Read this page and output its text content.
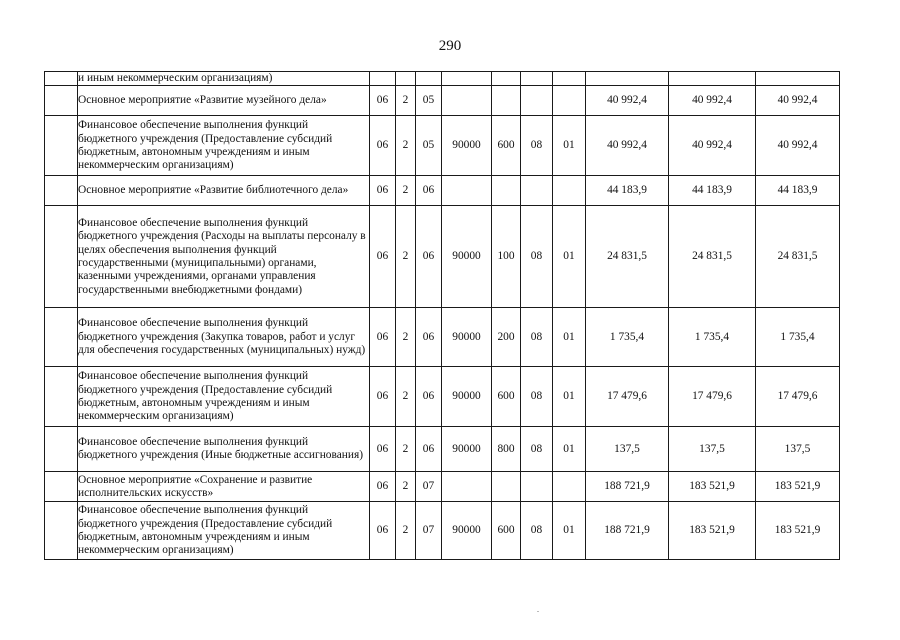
290
	и иным некоммерческим организациям)										
	Основное мероприятие «Развитие музейного дела»	06	2	05					40 992,4	40 992,4	40 992,4
	Финансовое обеспечение выполнения функций бюджетного учреждения (Предоставление субсидий бюджетным, автономным учреждениям и иным некоммерческим организациям)	06	2	05	90000	600	08	01	40 992,4	40 992,4	40 992,4
	Основное мероприятие «Развитие библиотечного дела»	06	2	06					44 183,9	44 183,9	44 183,9
	Финансовое обеспечение выполнения функций бюджетного учреждения (Расходы на выплаты персоналу в целях обеспечения выполнения функций государственными (муниципальными) органами, казенными учреждениями, органами управления государственными внебюджетными фондами)	06	2	06	90000	100	08	01	24 831,5	24 831,5	24 831,5
	Финансовое обеспечение выполнения функций бюджетного учреждения (Закупка товаров, работ и услуг для обеспечения государственных (муниципальных) нужд)	06	2	06	90000	200	08	01	1 735,4	1 735,4	1 735,4
	Финансовое обеспечение выполнения функций бюджетного учреждения (Предоставление субсидий бюджетным, автономным учреждениям и иным некоммерческим организациям)	06	2	06	90000	600	08	01	17 479,6	17 479,6	17 479,6
	Финансовое обеспечение выполнения функций бюджетного учреждения (Иные бюджетные ассигнования)	06	2	06	90000	800	08	01	137,5	137,5	137,5
	Основное мероприятие «Сохранение и развитие исполнительских искусств»	06	2	07					188 721,9	183 521,9	183 521,9
	Финансовое обеспечение выполнения функций бюджетного учреждения (Предоставление субсидий бюджетным, автономным учреждениям и иным некоммерческим организациям)	06	2	07	90000	600	08	01	188 721,9	183 521,9	183 521,9
